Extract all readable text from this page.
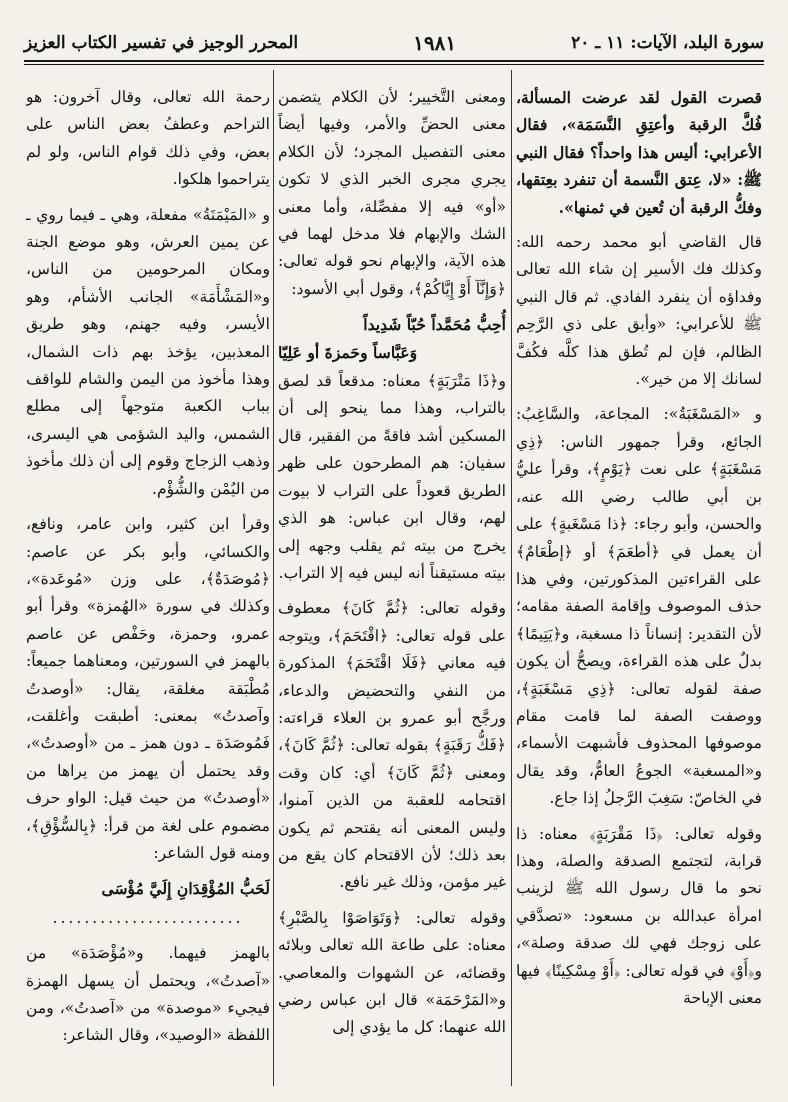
سورة البلد، الآيات: ١١ ـ ٢٠
١٩٨١
المحرر الوجيز في تفسير الكتاب العزيز

قصرت القول لقد عرضت المسألة، فُكَّ الرقبة وأعتِقِ النَّسَمَة»، فقال الأعرابي: أليس هذا واحداً؟ فقال النبي ﷺ: «لا، عِتق النَّسمة أن تنفرد بعِتقها، وفكُّ الرقبة أن تُعين في ثمنها».

قال القاضي أبو محمد رحمه الله: وكذلك فك الأسير إن شاء الله تعالى وفداؤه أن ينفرد الفادي. ثم قال النبي ﷺ للأعرابي: «وأبق على ذي الرَّحِم الظالم، فإن لم تُطق هذا كلَّه فكُفَّ لسانك إلا من خير».

و «المَسْغَبَةُ»: المجاعة، والسَّاغِبُ: الجائع، وقرأ جمهور الناس: ﴿ذِي مَسْغَبَةٍ﴾ على نعت ﴿يَوْمٍ﴾، وقرأ عليُّ بن أبي طالب رضي الله عنه، والحسن، وأبو رجاء: ﴿ذا مَسْغَبةٍ﴾ على أن يعمل في ﴿أطعَمَ﴾ أو ﴿إطْعَامٌ﴾ على القراءتين المذكورتين، وفي هذا حذف الموصوف وإقامة الصفة مقامه؛ لأن التقدير: إنساناً ذا مسغبة، و﴿يَتِيمًا﴾ بدلٌ على هذه القراءة، ويصحُّ أن يكون صفة لقوله تعالى: ﴿ذِي مَسْغَبَةٍ﴾، ووصفت الصفة لما قامت مقام موصوفها المحذوف فأشبهت الأسماء، و«المسغبة» الجوعُ العامُّ، وقد يقال في الخاصّ: سَغِبَ الرَّجلُ إذا جاع.

وقوله تعالى: ﴿ذَا مَقْرَبَةٍ﴾ معناه: ذا قرابة، لتجتمع الصدقة والصلة، وهذا نحو ما قال رسول الله ﷺ لزينب امرأة عبدالله بن مسعود: «تصدَّقي على زوجك فهي لك صدقة وصلة»، و﴿أَوْ﴾ في قوله تعالى: ﴿أَوْ مِسْكِينًا﴾ فيها معنى الإباحة

ومعنى التَّخيير؛ لأن الكلام يتضمن معنى الحضِّ والأمر، وفيها أيضاً معنى التفصيل المجرد؛ لأن الكلام يجري مجرى الخبر الذي لا تكون «أو» فيه إلا مفصِّلة، وأما معنى الشك والإبهام فلا مدخل لهما في هذه الآية، والإبهام نحو قوله تعالى: ﴿وَإِنَّآ أَوْ إِيَّاكُمْ﴾، وقول أبي الأسود:

أُحِبُّ مُحَمَّداً حُبّاً شَدِيداً
وَعَبَّاساً وحَمزةَ أو عَلِيّا

و﴿ذَا مَتْرَبَةٍ﴾ معناه: مدقعاً قد لصق بالتراب، وهذا مما ينحو إلى أن المسكين أشد فاقةً من الفقير، قال سفيان: هم المطرحون على ظهر الطريق قعوداً على التراب لا بيوت لهم، وقال ابن عباس: هو الذي يخرج من بيته ثم يقلب وجهه إلى بيته مستيقناً أنه ليس فيه إلا التراب.

وقوله تعالى: ﴿ثُمَّ كَانَ﴾ معطوف على قوله تعالى: ﴿اقْتَحَمَ﴾، ويتوجه فيه معاني ﴿فَلَا اقْتَحَمَ﴾ المذكورة من النفي والتحضيض والدعاء، ورجَّح أبو عمرو بن العلاء قراءته: ﴿فَكُّ رَقَبَةٍ﴾ بقوله تعالى: ﴿ثُمَّ كَانَ﴾، ومعنى ﴿ثُمَّ كَانَ﴾ أي: كان وقت اقتحامه للعقبة من الذين آمنوا، وليس المعنى أنه يقتحم ثم يكون بعد ذلك؛ لأن الاقتحام كان يقع من غير مؤمن، وذلك غير نافع.

وقوله تعالى: ﴿وَتَوَاصَوْا بِالصَّبْرِ﴾ معناه: على طاعة الله تعالى وبلائه وقضائه، عن الشهوات والمعاصي. و«المَرْحَمَة» قال ابن عباس رضي الله عنهما: كل ما يؤدي إلى

رحمة الله تعالى، وقال آخرون: هو التراحم وعطفُ بعض الناس على بعض، وفي ذلك قوام الناس، ولو لم يتراحموا هلكوا.

و «المَيْمَنَةُ» مفعلة، وهي ـ فيما روي ـ عن يمين العرش، وهو موضع الجنة ومكان المرحومين من الناس، و«المَشْأَمَة» الجانب الأشأم، وهو الأيسر، وفيه جهنم، وهو طريق المعذبين، يؤخذ بهم ذات الشمال، وهذا مأخوذ من اليمن والشام للواقف بباب الكعبة متوجهاً إلى مطلع الشمس، واليد الشؤمى هي اليسرى، وذهب الزجاج وقوم إلى أن ذلك مأخوذ من اليُمْن والشُّؤْم.

وقرأ ابن كثير، وابن عامر، ونافع، والكسائي، وأبو بكر عن عاصم: ﴿مُوصَدَةٌ﴾، على وزن «مُوعَدة»، وكذلك في سورة «الهُمزة» وقرأ أبو عمرو، وحمزة، وحَفْص عن عاصم بالهمز في السورتين، ومعناهما جميعاً: مُطْبَقة مغلقة، يقال: «أوصدتُ وآصدتُ» بمعنى: أطبقت وأغلقت، فَمُوصَدَة ـ دون همز ـ من «أوصدتُ»، وقد يحتمل أن يهمز من يراها من «أوصدتُ» من حيث قيل: الواو حرف مضموم على لغة من قرأ: ﴿بِالسُّؤْقِ﴾، ومنه قول الشاعر:

لَحَبُّ المُؤْقِدَانِ إِلَيَّ مُؤْسَى
........................

بالهمز فيهما. و«مُؤْصَدَة» من «آصدتُ»، ويحتمل أن يسهل الهمزة فيجيء «موصدة» من «آصدتُ»، ومن اللفظة «الوصيد»، وقال الشاعر:
